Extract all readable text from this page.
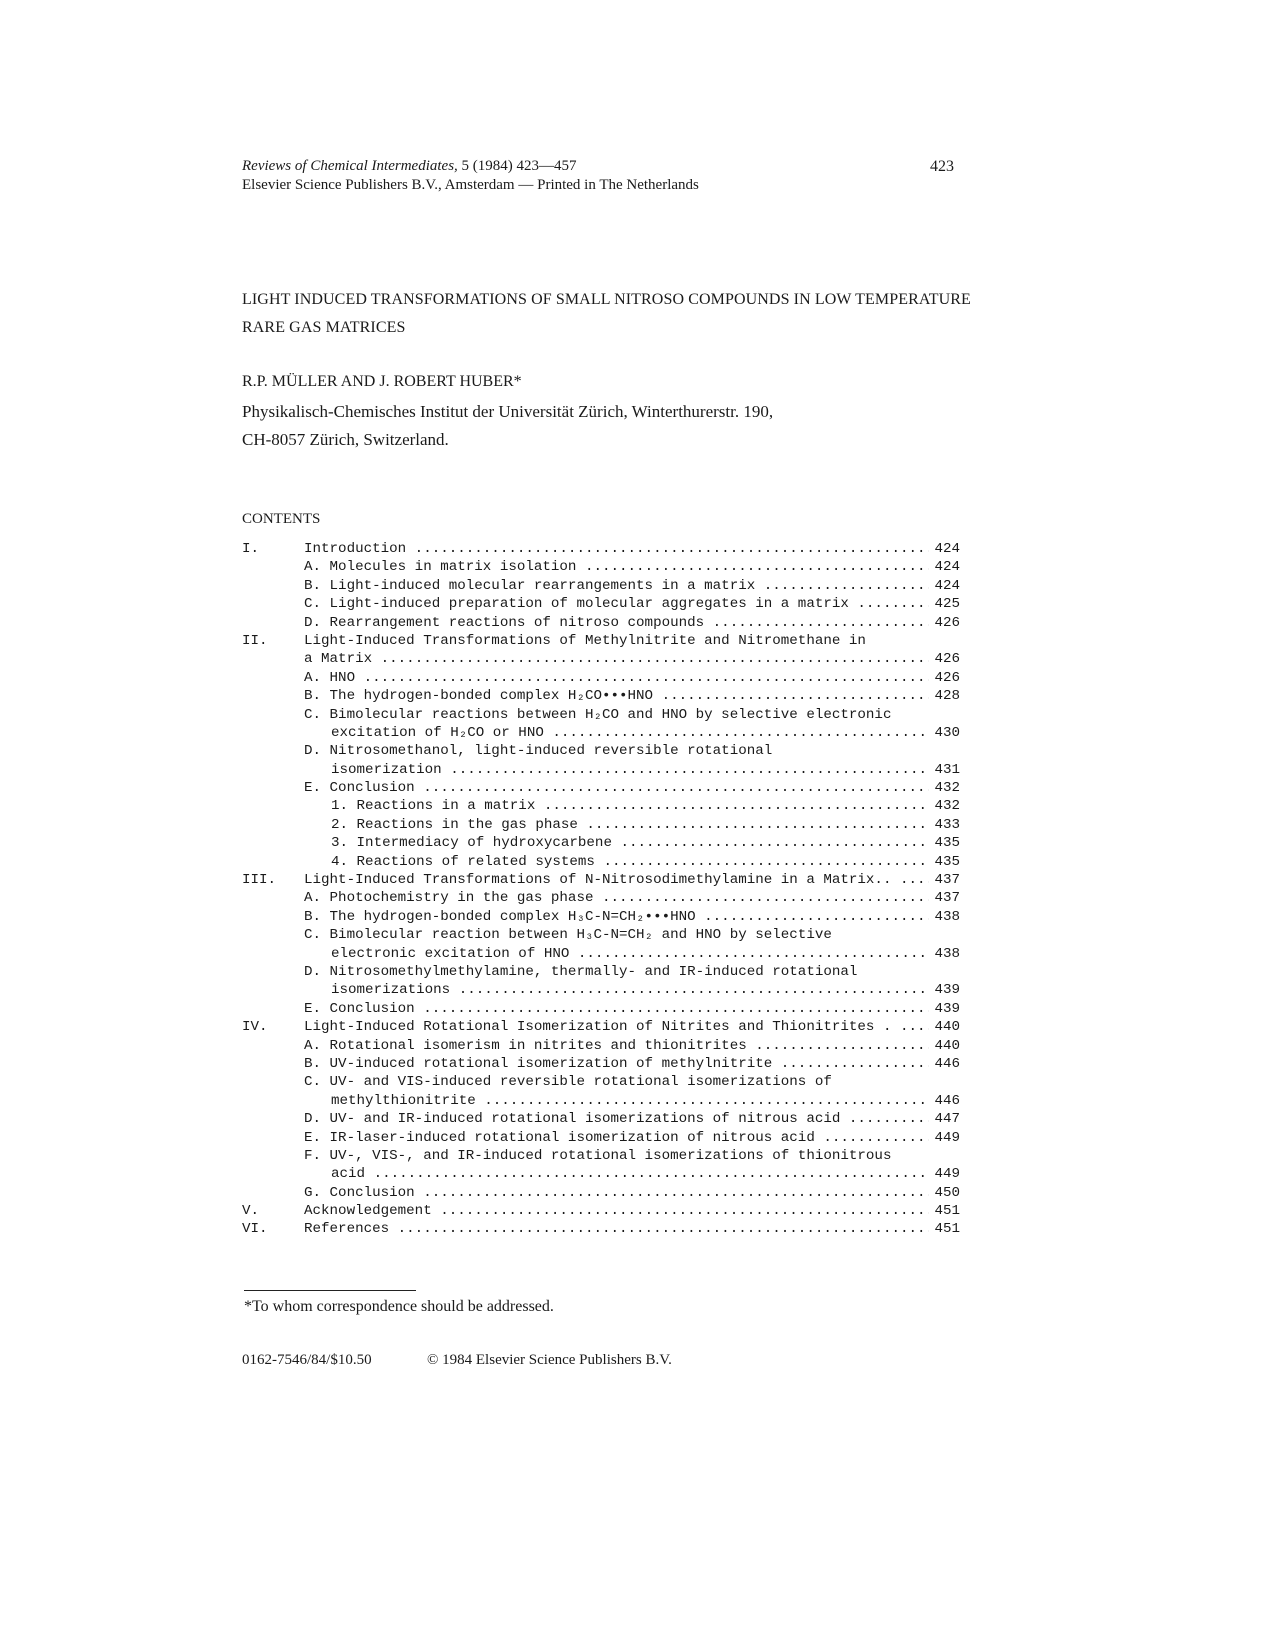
Reviews of Chemical Intermediates, 5 (1984) 423—457
Elsevier Science Publishers B.V., Amsterdam — Printed in The Netherlands
423
LIGHT INDUCED TRANSFORMATIONS OF SMALL NITROSO COMPOUNDS IN LOW TEMPERATURE
RARE GAS MATRICES
R.P. MÜLLER AND J. ROBERT HUBER*
Physikalisch-Chemisches Institut der Universität Zürich, Winterthurerstr. 190,
CH-8057 Zürich, Switzerland.
CONTENTS
I.	Introduction .....	424
A. Molecules in matrix isolation .....	424
B. Light-induced molecular rearrangements in a matrix .....	424
C. Light-induced preparation of molecular aggregates in a matrix .....	425
D. Rearrangement reactions of nitroso compounds .....	426
II.	Light-Induced Transformations of Methylnitrite and Nitromethane in
a Matrix .....	426
A. HNO .....	426
B. The hydrogen-bonded complex H₂CO•••HNO .....	428
C. Bimolecular reactions between H₂CO and HNO by selective electronic
excitation of H₂CO or HNO .....	430
D. Nitrosomethanol, light-induced reversible rotational
isomerization .....	431
E. Conclusion .....	432
1. Reactions in a matrix .....	432
2. Reactions in the gas phase .....	433
3. Intermediacy of hydroxycarbene .....	435
4. Reactions of related systems .....	435
III. Light-Induced Transformations of N-Nitrosodimethylamine in a Matrix.. .....	437
A. Photochemistry in the gas phase .....	437
B. The hydrogen-bonded complex H₃C-N=CH₂•••HNO .....	438
C. Bimolecular reaction between H₃C-N=CH₂ and HNO by selective
electronic excitation of HNO .....	438
D. Nitrosomethylmethylamine, thermally- and IR-induced rotational
isomerizations .....	439
E. Conclusion .....	439
IV.	Light-Induced Rotational Isomerization of Nitrites and Thionitrites . .....	440
A. Rotational isomerism in nitrites and thionitrites .....	440
B. UV-induced rotational isomerization of methylnitrite .....	446
C. UV- and VIS-induced reversible rotational isomerizations of
methylthionitrite .....	446
D. UV- and IR-induced rotational isomerizations of nitrous acid .....	447
E. IR-laser-induced rotational isomerization of nitrous acid .....	449
F. UV-, VIS-, and IR-induced rotational isomerizations of thionitrous
acid .....	449
G. Conclusion .....	450
V.	Acknowledgement .....	451
VI.	References .....	451
*To whom correspondence should be addressed.
0162-7546/84/$10.50	© 1984 Elsevier Science Publishers B.V.
